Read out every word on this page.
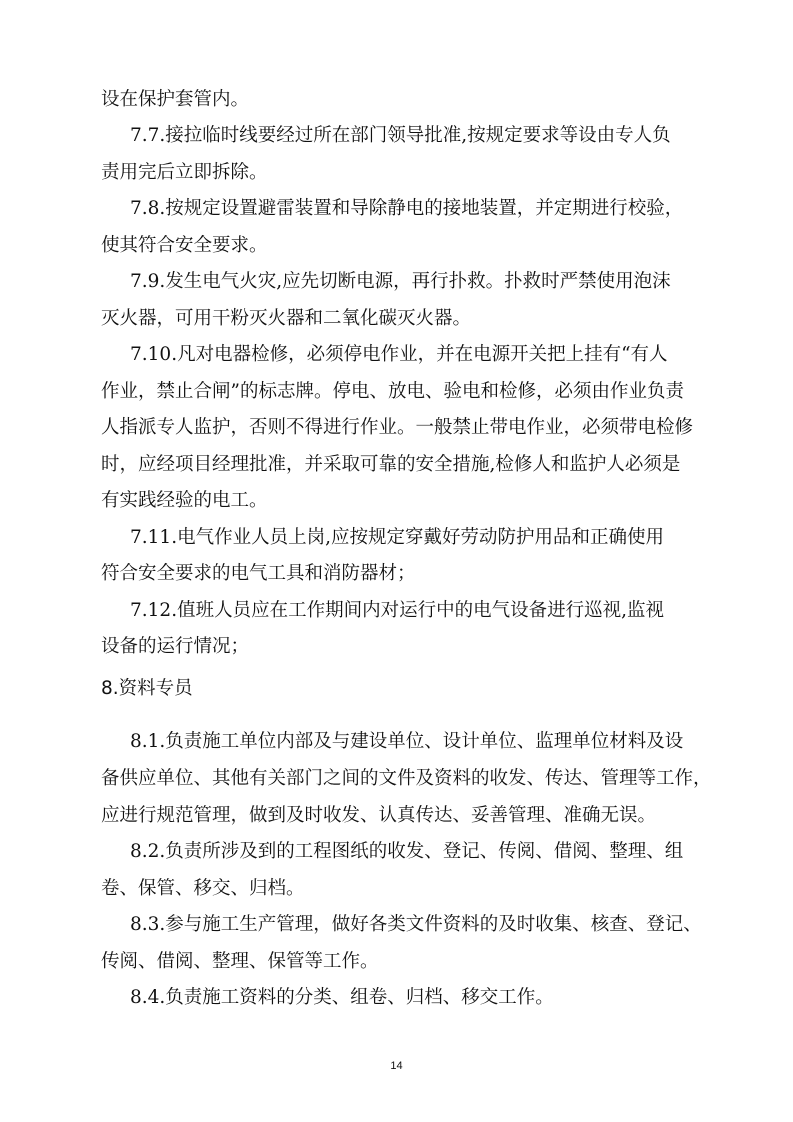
设在保护套管内。
7.7.接拉临时线要经过所在部门领导批准,按规定要求等设由专人负
责用完后立即拆除。
7.8.按规定设置避雷装置和导除静电的接地装置，并定期进行校验，
使其符合安全要求。
7.9.发生电气火灾,应先切断电源，再行扑救。扑救时严禁使用泡沫
灭火器，可用干粉灭火器和二氧化碳灭火器。
7.10.凡对电器检修，必须停电作业，并在电源开关把上挂有“有人
作业，禁止合闸”的标志牌。停电、放电、验电和检修，必须由作业负责
人指派专人监护，否则不得进行作业。一般禁止带电作业，必须带电检修
时，应经项目经理批准，并采取可靠的安全措施,检修人和监护人必须是
有实践经验的电工。
7.11.电气作业人员上岗,应按规定穿戴好劳动防护用品和正确使用
符合安全要求的电气工具和消防器材；
7.12.值班人员应在工作期间内对运行中的电气设备进行巡视,监视
设备的运行情况；
8.资料专员
8.1.负责施工单位内部及与建设单位、设计单位、监理单位材料及设
备供应单位、其他有关部门之间的文件及资料的收发、传达、管理等工作，
应进行规范管理，做到及时收发、认真传达、妥善管理、准确无误。
8.2.负责所涉及到的工程图纸的收发、登记、传阅、借阅、整理、组
卷、保管、移交、归档。
8.3.参与施工生产管理，做好各类文件资料的及时收集、核查、登记、
传阅、借阅、整理、保管等工作。
8.4.负责施工资料的分类、组卷、归档、移交工作。
14
